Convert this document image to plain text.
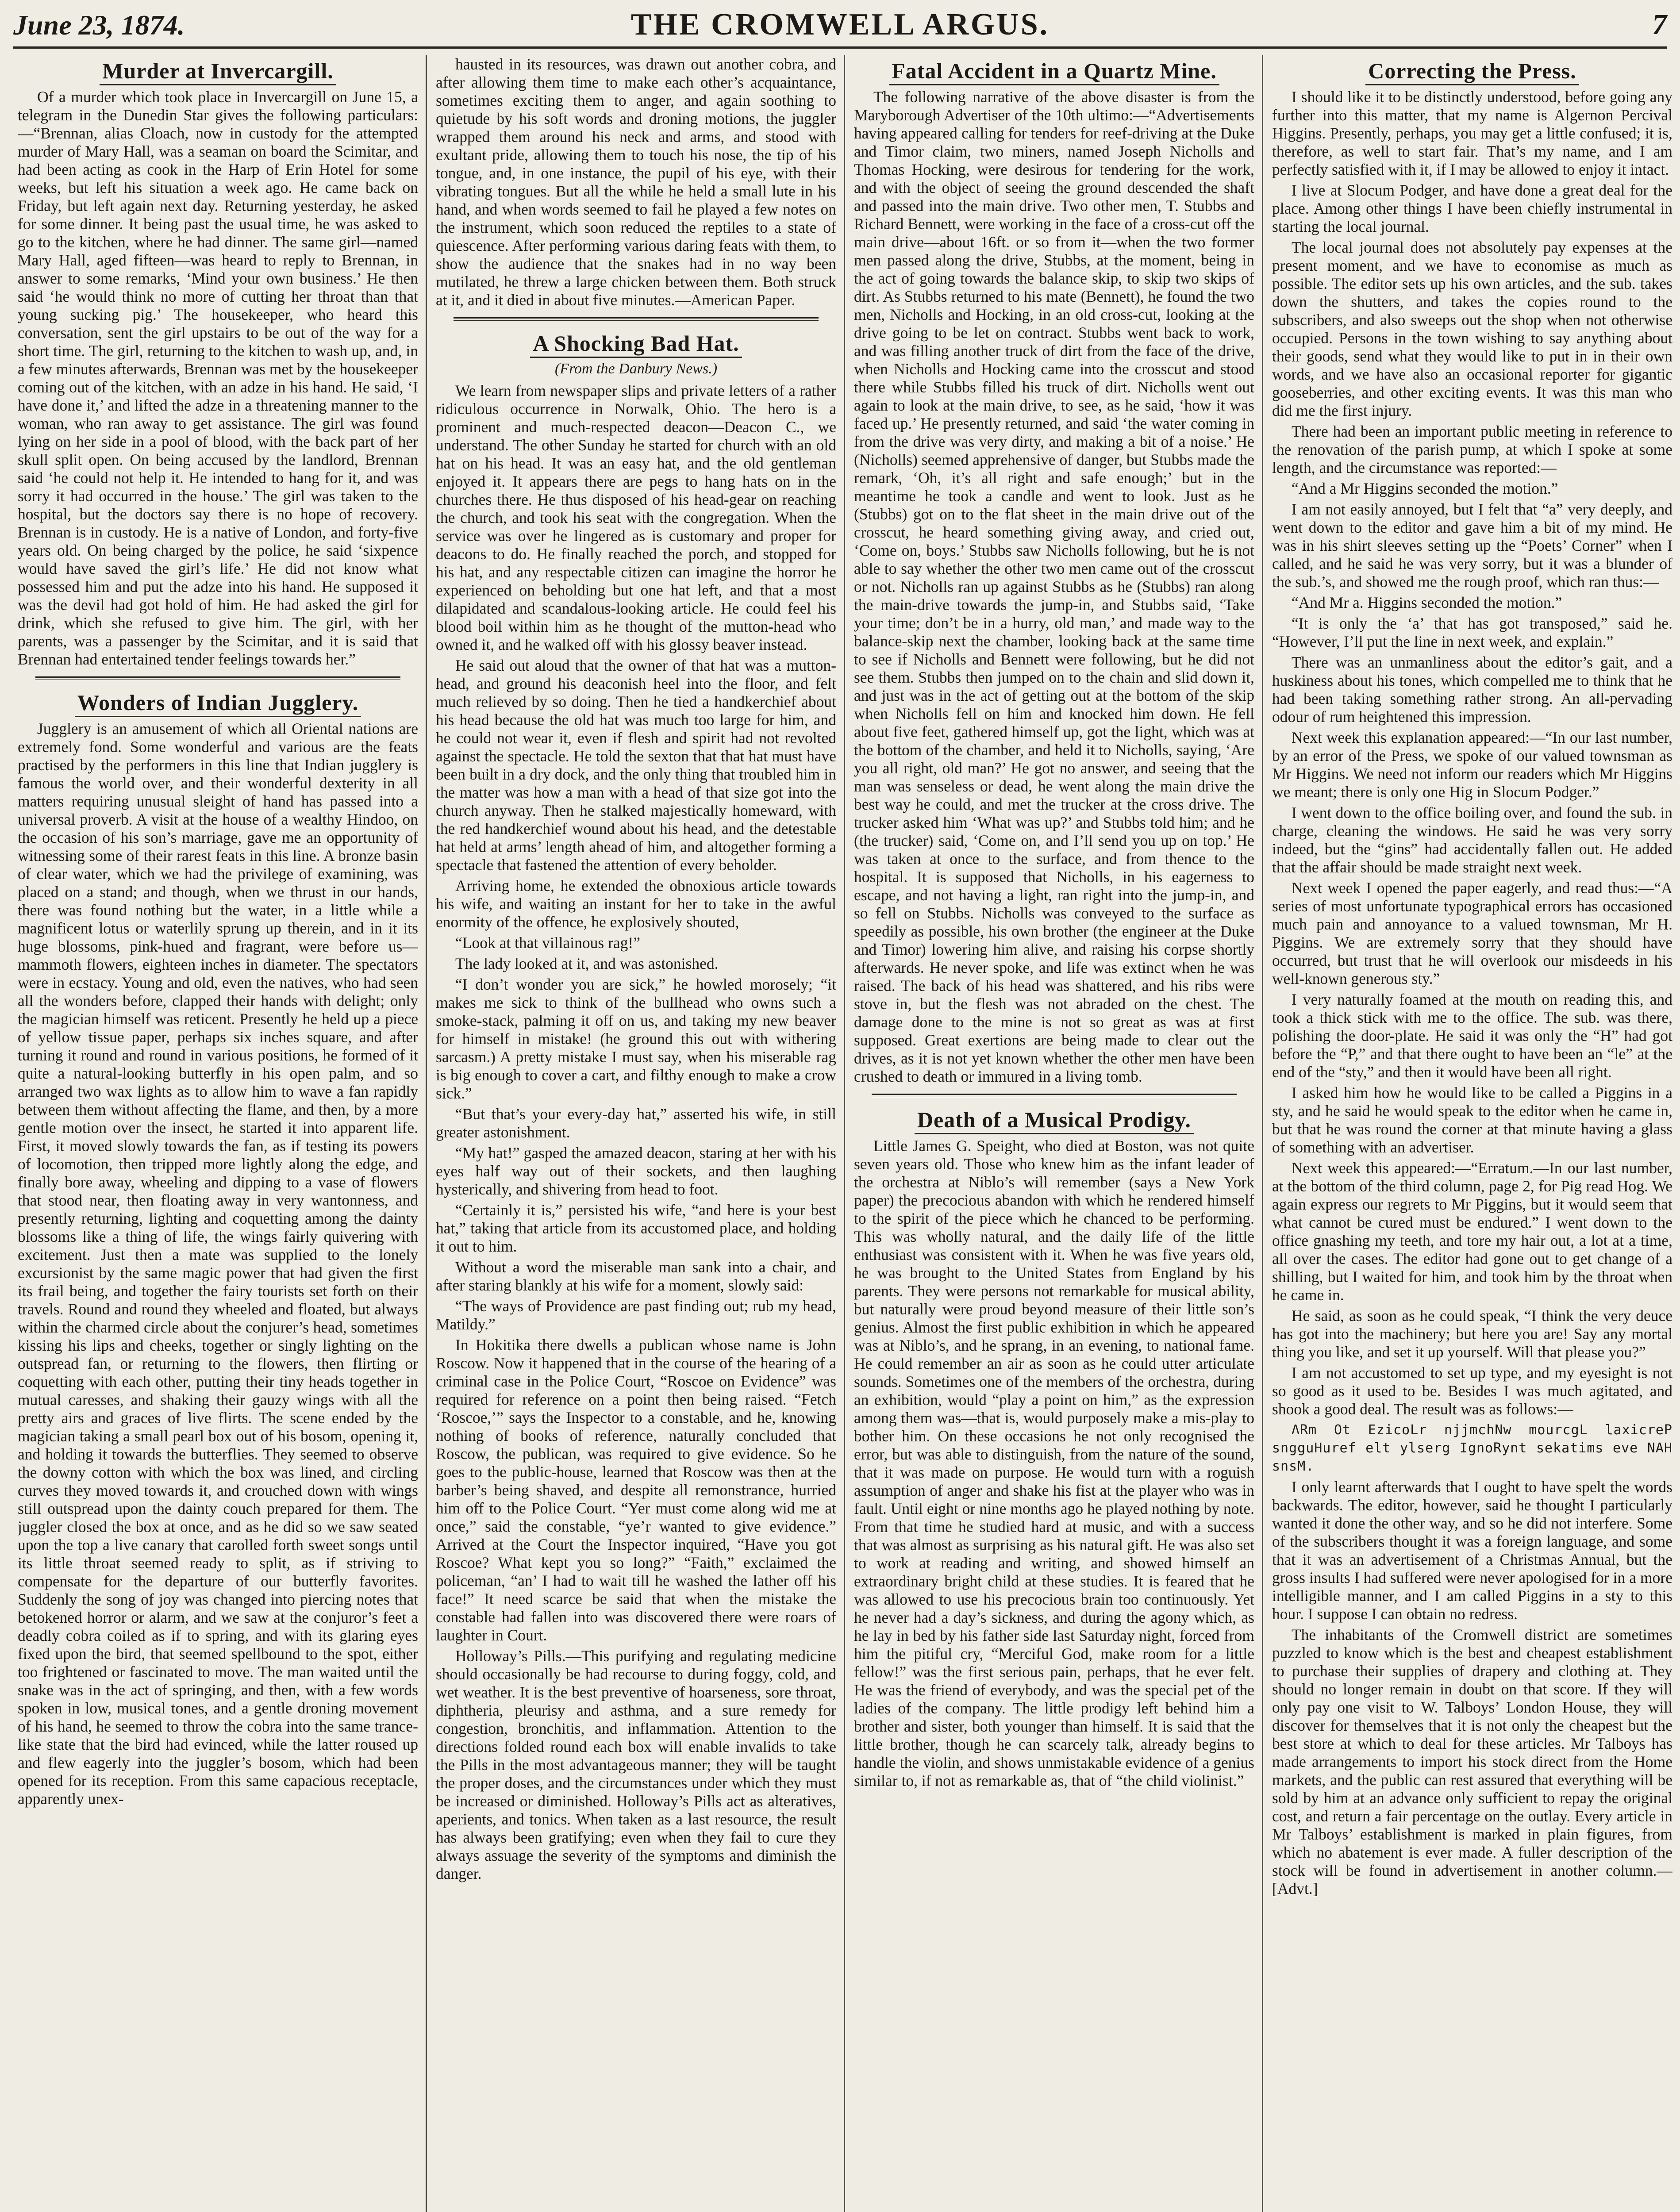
June 23, 1874.	THE CROMWELL ARGUS.	7
Murder at Invercargill.

Of a murder which took place in Invercargill on June 15, a telegram in the Dunedin Star gives the following particulars:—“Brennan, alias Cloach, now in custody for the attempted murder of Mary Hall, was a seaman on board the Scimitar, and had been acting as cook in the Harp of Erin Hotel for some weeks, but left his situation a week ago. He came back on Friday, but left again next day. Returning yesterday, he asked for some dinner. It being past the usual time, he was asked to go to the kitchen, where he had dinner. The same girl—named Mary Hall, aged fifteen—was heard to reply to Brennan, in answer to some remarks, ‘Mind your own business.’ He then said ‘he would think no more of cutting her throat than that young sucking pig.’ The housekeeper, who heard this conversation, sent the girl upstairs to be out of the way for a short time. The girl, returning to the kitchen to wash up, and, in a few minutes afterwards, Brennan was met by the housekeeper coming out of the kitchen, with an adze in his hand. He said, ‘I have done it,’ and lifted the adze in a threatening manner to the woman, who ran away to get assistance. The girl was found lying on her side in a pool of blood, with the back part of her skull split open. On being accused by the landlord, Brennan said ‘he could not help it. He intended to hang for it, and was sorry it had occurred in the house.’ The girl was taken to the hospital, but the doctors say there is no hope of recovery. Brennan is in custody. He is a native of London, and forty-five years old. On being charged by the police, he said ‘sixpence would have saved the girl’s life.’ He did not know what possessed him and put the adze into his hand. He supposed it was the devil had got hold of him. He had asked the girl for drink, which she refused to give him. The girl, with her parents, was a passenger by the Scimitar, and it is said that Brennan had entertained tender feelings towards her.”

Wonders of Indian Jugglery.

Jugglery is an amusement of which all Oriental nations are extremely fond. Some wonderful and various are the feats practised by the performers in this line that Indian jugglery is famous the world over, and their wonderful dexterity in all matters requiring unusual sleight of hand has passed into a universal proverb. A visit at the house of a wealthy Hindoo, on the occasion of his son’s marriage, gave me an opportunity of witnessing some of their rarest feats in this line. A bronze basin of clear water, which we had the privilege of examining, was placed on a stand; and though, when we thrust in our hands, there was found nothing but the water, in a little while a magnificent lotus or waterlily sprung up therein, and in it its huge blossoms, pink-hued and fragrant, were before us—mammoth flowers, eighteen inches in diameter. The spectators were in ecstacy. Young and old, even the natives, who had seen all the wonders before, clapped their hands with delight; only the magician himself was reticent. Presently he held up a piece of yellow tissue paper, perhaps six inches square, and after turning it round and round in various positions, he formed of it quite a natural-looking butterfly in his open palm, and so arranged two wax lights as to allow him to wave a fan rapidly between them without affecting the flame, and then, by a more gentle motion over the insect, he started it into apparent life. First, it moved slowly towards the fan, as if testing its powers of locomotion, then tripped more lightly along the edge, and finally bore away, wheeling and dipping to a vase of flowers that stood near, then floating away in very wantonness, and presently returning, lighting and coquetting among the dainty blossoms like a thing of life, the wings fairly quivering with excitement. Just then a mate was supplied to the lonely excursionist by the same magic power that had given the first its frail being, and together the fairy tourists set forth on their travels. Round and round they wheeled and floated, but always within the charmed circle about the conjurer’s head, sometimes kissing his lips and cheeks, together or singly lighting on the outspread fan, or returning to the flowers, then flirting or coquetting with each other, putting their tiny heads together in mutual caresses, and shaking their gauzy wings with all the pretty airs and graces of live flirts. The scene ended by the magician taking a small pearl box out of his bosom, opening it, and holding it towards the butterflies. They seemed to observe the downy cotton with which the box was lined, and circling curves they moved towards it, and crouched down with wings still outspread upon the dainty couch prepared for them. The juggler closed the box at once, and as he did so we saw seated upon the top a live canary that carolled forth sweet songs until its little throat seemed ready to split, as if striving to compensate for the departure of our butterfly favorites. Suddenly the song of joy was changed into piercing notes that betokened horror or alarm, and we saw at the conjuror’s feet a deadly cobra coiled as if to spring, and with its glaring eyes fixed upon the bird, that seemed spellbound to the spot, either too frightened or fascinated to move. The man waited until the snake was in the act of springing, and then, with a few words spoken in low, musical tones, and a gentle droning movement of his hand, he seemed to throw the cobra into the same trance-like state that the bird had evinced, while the latter roused up and flew eagerly into the juggler’s bosom, which had been opened for its reception. From this same capacious receptacle, apparently unex-

hausted in its resources, was drawn out another cobra, and after allowing them time to make each other’s acquaintance, sometimes exciting them to anger, and again soothing to quietude by his soft words and droning motions, the juggler wrapped them around his neck and arms, and stood with exultant pride, allowing them to touch his nose, the tip of his tongue, and, in one instance, the pupil of his eye, with their vibrating tongues. But all the while he held a small lute in his hand, and when words seemed to fail he played a few notes on the instrument, which soon reduced the reptiles to a state of quiescence. After performing various daring feats with them, to show the audience that the snakes had in no way been mutilated, he threw a large chicken between them. Both struck at it, and it died in about five minutes.—American Paper.

A Shocking Bad Hat.
(From the Danbury News.)

We learn from newspaper slips and private letters of a rather ridiculous occurrence in Norwalk, Ohio. The hero is a prominent and much-respected deacon—Deacon C., we understand. The other Sunday he started for church with an old hat on his head. It was an easy hat, and the old gentleman enjoyed it. It appears there are pegs to hang hats on in the churches there. He thus disposed of his head-gear on reaching the church, and took his seat with the congregation. When the service was over he lingered as is customary and proper for deacons to do. He finally reached the porch, and stopped for his hat, and any respectable citizen can imagine the horror he experienced on beholding but one hat left, and that a most dilapidated and scandalous-looking article. He could feel his blood boil within him as he thought of the mutton-head who owned it, and he walked off with his glossy beaver instead.

He said out aloud that the owner of that hat was a mutton-head, and ground his deaconish heel into the floor, and felt much relieved by so doing. Then he tied a handkerchief about his head because the old hat was much too large for him, and he could not wear it, even if flesh and spirit had not revolted against the spectacle. He told the sexton that that hat must have been built in a dry dock, and the only thing that troubled him in the matter was how a man with a head of that size got into the church anyway. Then he stalked majestically homeward, with the red handkerchief wound about his head, and the detestable hat held at arms’ length ahead of him, and altogether forming a spectacle that fastened the attention of every beholder.

Arriving home, he extended the obnoxious article towards his wife, and waiting an instant for her to take in the awful enormity of the offence, he explosively shouted,

“Look at that villainous rag!”

The lady looked at it, and was astonished.

“I don’t wonder you are sick,” he howled morosely; “it makes me sick to think of the bullhead who owns such a smoke-stack, palming it off on us, and taking my new beaver for himself in mistake! (he ground this out with withering sarcasm.) A pretty mistake I must say, when his miserable rag is big enough to cover a cart, and filthy enough to make a crow sick.”

“But that’s your every-day hat,” asserted his wife, in still greater astonishment.

“My hat!” gasped the amazed deacon, staring at her with his eyes half way out of their sockets, and then laughing hysterically, and shivering from head to foot.

“Certainly it is,” persisted his wife, “and here is your best hat,” taking that article from its accustomed place, and holding it out to him.

Without a word the miserable man sank into a chair, and after staring blankly at his wife for a moment, slowly said:

“The ways of Providence are past finding out; rub my head, Matildy.”

In Hokitika there dwells a publican whose name is John Roscow. Now it happened that in the course of the hearing of a criminal case in the Police Court, “Roscoe on Evidence” was required for reference on a point then being raised. “Fetch ‘Roscoe,’” says the Inspector to a constable, and he, knowing nothing of books of reference, naturally concluded that Roscow, the publican, was required to give evidence. So he goes to the public-house, learned that Roscow was then at the barber’s being shaved, and despite all remonstrance, hurried him off to the Police Court. “Yer must come along wid me at once,” said the constable, “ye’r wanted to give evidence.” Arrived at the Court the Inspector inquired, “Have you got Roscoe? What kept you so long?” “Faith,” exclaimed the policeman, “an’ I had to wait till he washed the lather off his face!” It need scarce be said that when the mistake the constable had fallen into was discovered there were roars of laughter in Court.

Holloway’s Pills.—This purifying and regulating medicine should occasionally be had recourse to during foggy, cold, and wet weather. It is the best preventive of hoarseness, sore throat, diphtheria, pleurisy and asthma, and a sure remedy for congestion, bronchitis, and inflammation. Attention to the directions folded round each box will enable invalids to take the Pills in the most advantageous manner; they will be taught the proper doses, and the circumstances under which they must be increased or diminished. Holloway’s Pills act as alteratives, aperients, and tonics. When taken as a last resource, the result has always been gratifying; even when they fail to cure they always assuage the severity of the symptoms and diminish the danger.

Fatal Accident in a Quartz Mine.

The following narrative of the above disaster is from the Maryborough Advertiser of the 10th ultimo:—“Advertisements having appeared calling for tenders for reef-driving at the Duke and Timor claim, two miners, named Joseph Nicholls and Thomas Hocking, were desirous for tendering for the work, and with the object of seeing the ground descended the shaft and passed into the main drive. Two other men, T. Stubbs and Richard Bennett, were working in the face of a cross-cut off the main drive—about 16ft. or so from it—when the two former men passed along the drive, Stubbs, at the moment, being in the act of going towards the balance skip, to skip two skips of dirt. As Stubbs returned to his mate (Bennett), he found the two men, Nicholls and Hocking, in an old cross-cut, looking at the drive going to be let on contract. Stubbs went back to work, and was filling another truck of dirt from the face of the drive, when Nicholls and Hocking came into the crosscut and stood there while Stubbs filled his truck of dirt. Nicholls went out again to look at the main drive, to see, as he said, ‘how it was faced up.’ He presently returned, and said ‘the water coming in from the drive was very dirty, and making a bit of a noise.’ He (Nicholls) seemed apprehensive of danger, but Stubbs made the remark, ‘Oh, it’s all right and safe enough;’ but in the meantime he took a candle and went to look. Just as he (Stubbs) got on to the flat sheet in the main drive out of the crosscut, he heard something giving away, and cried out, ‘Come on, boys.’ Stubbs saw Nicholls following, but he is not able to say whether the other two men came out of the crosscut or not. Nicholls ran up against Stubbs as he (Stubbs) ran along the main-drive towards the jump-in, and Stubbs said, ‘Take your time; don’t be in a hurry, old man,’ and made way to the balance-skip next the chamber, looking back at the same time to see if Nicholls and Bennett were following, but he did not see them. Stubbs then jumped on to the chain and slid down it, and just was in the act of getting out at the bottom of the skip when Nicholls fell on him and knocked him down. He fell about five feet, gathered himself up, got the light, which was at the bottom of the chamber, and held it to Nicholls, saying, ‘Are you all right, old man?’ He got no answer, and seeing that the man was senseless or dead, he went along the main drive the best way he could, and met the trucker at the cross drive. The trucker asked him ‘What was up?’ and Stubbs told him; and he (the trucker) said, ‘Come on, and I’ll send you up on top.’ He was taken at once to the surface, and from thence to the hospital. It is supposed that Nicholls, in his eagerness to escape, and not having a light, ran right into the jump-in, and so fell on Stubbs. Nicholls was conveyed to the surface as speedily as possible, his own brother (the engineer at the Duke and Timor) lowering him alive, and raising his corpse shortly afterwards. He never spoke, and life was extinct when he was raised. The back of his head was shattered, and his ribs were stove in, but the flesh was not abraded on the chest. The damage done to the mine is not so great as was at first supposed. Great exertions are being made to clear out the drives, as it is not yet known whether the other men have been crushed to death or immured in a living tomb.

Death of a Musical Prodigy.

Little James G. Speight, who died at Boston, was not quite seven years old. Those who knew him as the infant leader of the orchestra at Niblo’s will remember (says a New York paper) the precocious abandon with which he rendered himself to the spirit of the piece which he chanced to be performing. This was wholly natural, and the daily life of the little enthusiast was consistent with it. When he was five years old, he was brought to the United States from England by his parents. They were persons not remarkable for musical ability, but naturally were proud beyond measure of their little son’s genius. Almost the first public exhibition in which he appeared was at Niblo’s, and he sprang, in an evening, to national fame. He could remember an air as soon as he could utter articulate sounds. Sometimes one of the members of the orchestra, during an exhibition, would “play a point on him,” as the expression among them was—that is, would purposely make a mis-play to bother him. On these occasions he not only recognised the error, but was able to distinguish, from the nature of the sound, that it was made on purpose. He would turn with a roguish assumption of anger and shake his fist at the player who was in fault. Until eight or nine months ago he played nothing by note. From that time he studied hard at music, and with a success that was almost as surprising as his natural gift. He was also set to work at reading and writing, and showed himself an extraordinary bright child at these studies. It is feared that he was allowed to use his precocious brain too continuously. Yet he never had a day’s sickness, and during the agony which, as he lay in bed by his father side last Saturday night, forced from him the pitiful cry, “Merciful God, make room for a little fellow!” was the first serious pain, perhaps, that he ever felt. He was the friend of everybody, and was the special pet of the ladies of the company. The little prodigy left behind him a brother and sister, both younger than himself. It is said that the little brother, though he can scarcely talk, already begins to handle the violin, and shows unmistakable evidence of a genius similar to, if not as remarkable as, that of “the child violinist.”

Correcting the Press.

I should like it to be distinctly understood, before going any further into this matter, that my name is Algernon Percival Higgins. Presently, perhaps, you may get a little confused; it is, therefore, as well to start fair. That’s my name, and I am perfectly satisfied with it, if I may be allowed to enjoy it intact.

I live at Slocum Podger, and have done a great deal for the place. Among other things I have been chiefly instrumental in starting the local journal.

The local journal does not absolutely pay expenses at the present moment, and we have to economise as much as possible. The editor sets up his own articles, and the sub. takes down the shutters, and takes the copies round to the subscribers, and also sweeps out the shop when not otherwise occupied. Persons in the town wishing to say anything about their goods, send what they would like to put in in their own words, and we have also an occasional reporter for gigantic gooseberries, and other exciting events. It was this man who did me the first injury.

There had been an important public meeting in reference to the renovation of the parish pump, at which I spoke at some length, and the circumstance was reported:—

“And a Mr Higgins seconded the motion.”

I am not easily annoyed, but I felt that “a” very deeply, and went down to the editor and gave him a bit of my mind. He was in his shirt sleeves setting up the “Poets’ Corner” when I called, and he said he was very sorry, but it was a blunder of the sub.’s, and showed me the rough proof, which ran thus:—

“And Mr a. Higgins seconded the motion.”

“It is only the ‘a’ that has got transposed,” said he. “However, I’ll put the line in next week, and explain.”

There was an unmanliness about the editor’s gait, and a huskiness about his tones, which compelled me to think that he had been taking something rather strong. An all-pervading odour of rum heightened this impression.

Next week this explanation appeared:—“In our last number, by an error of the Press, we spoke of our valued townsman as Mr Higgins. We need not inform our readers which Mr Higgins we meant; there is only one Hig in Slocum Podger.”

I went down to the office boiling over, and found the sub. in charge, cleaning the windows. He said he was very sorry indeed, but the “gins” had accidentally fallen out. He added that the affair should be made straight next week.

Next week I opened the paper eagerly, and read thus:—“A series of most unfortunate typographical errors has occasioned much pain and annoyance to a valued townsman, Mr H. Piggins. We are extremely sorry that they should have occurred, but trust that he will overlook our misdeeds in his well-known generous sty.”

I very naturally foamed at the mouth on reading this, and took a thick stick with me to the office. The sub. was there, polishing the door-plate. He said it was only the “H” had got before the “P,” and that there ought to have been an “le” at the end of the “sty,” and then it would have been all right.

I asked him how he would like to be called a Piggins in a sty, and he said he would speak to the editor when he came in, but that he was round the corner at that minute having a glass of something with an advertiser.

Next week this appeared:—“Erratum.—In our last number, at the bottom of the third column, page 2, for Pig read Hog. We again express our regrets to Mr Piggins, but it would seem that what cannot be cured must be endured.” I went down to the office gnashing my teeth, and tore my hair out, a lot at a time, all over the cases. The editor had gone out to get change of a shilling, but I waited for him, and took him by the throat when he came in.

He said, as soon as he could speak, “I think the very deuce has got into the machinery; but here you are! Say any mortal thing you like, and set it up yourself. Will that please you?”

I am not accustomed to set up type, and my eyesight is not so good as it used to be. Besides I was much agitated, and shook a good deal. The result was as follows:—

ΛRm Ot EzicoLr njjmchNw mourcgL laxicreP sngguHuref elt ylserg IgnoRynt sekatims eve NAH snsM.

I only learnt afterwards that I ought to have spelt the words backwards. The editor, however, said he thought I particularly wanted it done the other way, and so he did not interfere. Some of the subscribers thought it was a foreign language, and some that it was an advertisement of a Christmas Annual, but the gross insults I had suffered were never apologised for in a more intelligible manner, and I am called Piggins in a sty to this hour. I suppose I can obtain no redress.

The inhabitants of the Cromwell district are sometimes puzzled to know which is the best and cheapest establishment to purchase their supplies of drapery and clothing at. They should no longer remain in doubt on that score. If they will only pay one visit to W. Talboys’ London House, they will discover for themselves that it is not only the cheapest but the best store at which to deal for these articles. Mr Talboys has made arrangements to import his stock direct from the Home markets, and the public can rest assured that everything will be sold by him at an advance only sufficient to repay the original cost, and return a fair percentage on the outlay. Every article in Mr Talboys’ establishment is marked in plain figures, from which no abatement is ever made. A fuller description of the stock will be found in advertisement in another column.—[Advt.]
